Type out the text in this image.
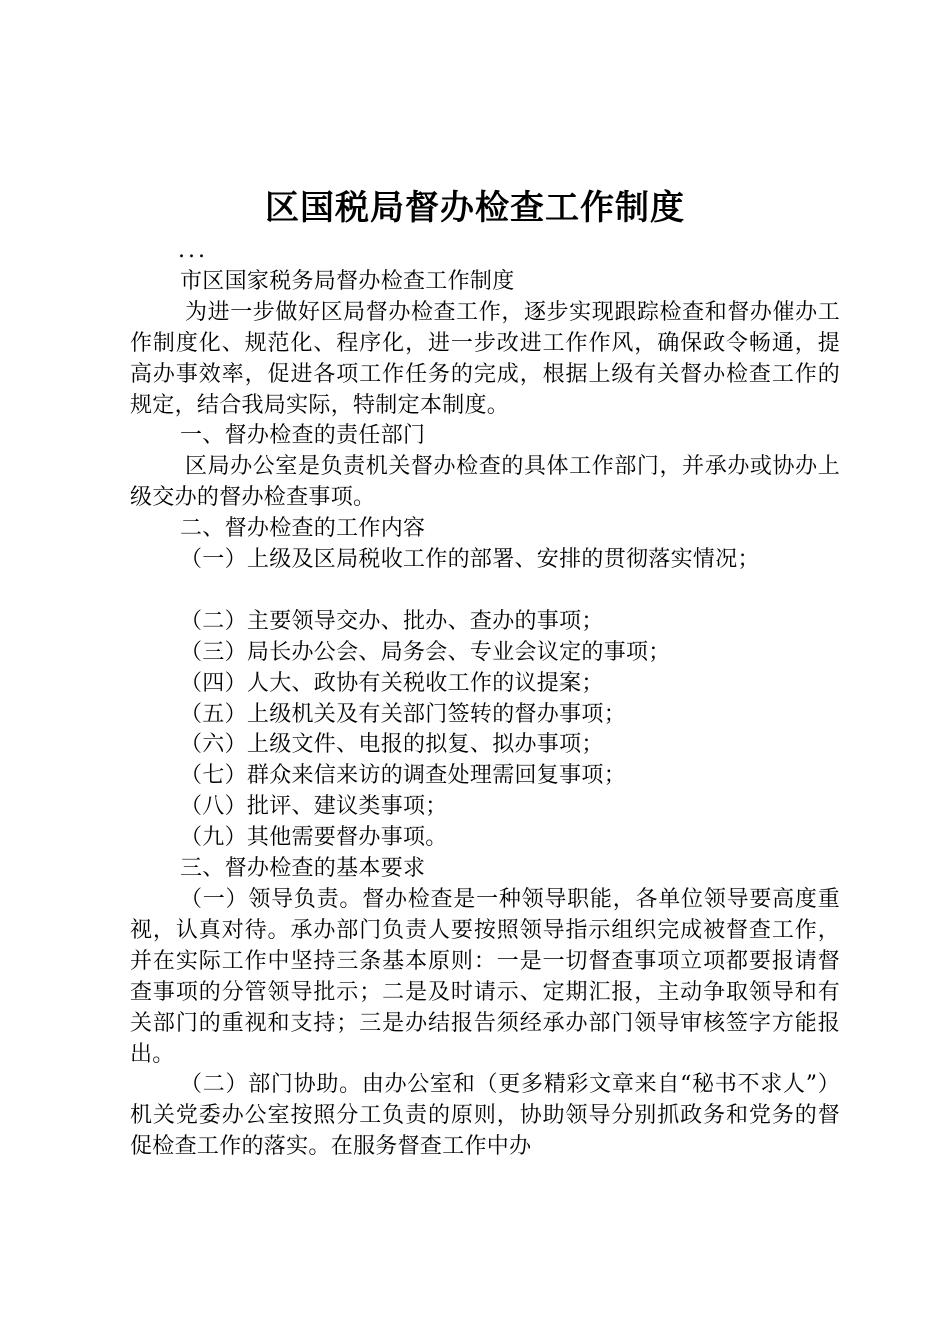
区国税局督办检查工作制度

...

市区国家税务局督办检查工作制度

为进一步做好区局督办检查工作，逐步实现跟踪检查和督办催办工作制度化、规范化、程序化，进一步改进工作作风，确保政令畅通，提高办事效率，促进各项工作任务的完成，根据上级有关督办检查工作的规定，结合我局实际，特制定本制度。

一、督办检查的责任部门

区局办公室是负责机关督办检查的具体工作部门，并承办或协办上级交办的督办检查事项。

二、督办检查的工作内容

（一）上级及区局税收工作的部署、安排的贯彻落实情况；

（二）主要领导交办、批办、查办的事项；

（三）局长办公会、局务会、专业会议定的事项；

（四）人大、政协有关税收工作的议提案；

（五）上级机关及有关部门签转的督办事项；

（六）上级文件、电报的拟复、拟办事项；

（七）群众来信来访的调查处理需回复事项；

（八）批评、建议类事项；

（九）其他需要督办事项。

三、督办检查的基本要求

（一）领导负责。督办检查是一种领导职能，各单位领导要高度重视，认真对待。承办部门负责人要按照领导指示组织完成被督查工作，并在实际工作中坚持三条基本原则：一是一切督查事项立项都要报请督查事项的分管领导批示；二是及时请示、定期汇报，主动争取领导和有关部门的重视和支持；三是办结报告须经承办部门领导审核签字方能报出。

（二）部门协助。由办公室和（更多精彩文章来自“秘书不求人”）机关党委办公室按照分工负责的原则，协助领导分别抓政务和党务的督促检查工作的落实。在服务督查工作中办
